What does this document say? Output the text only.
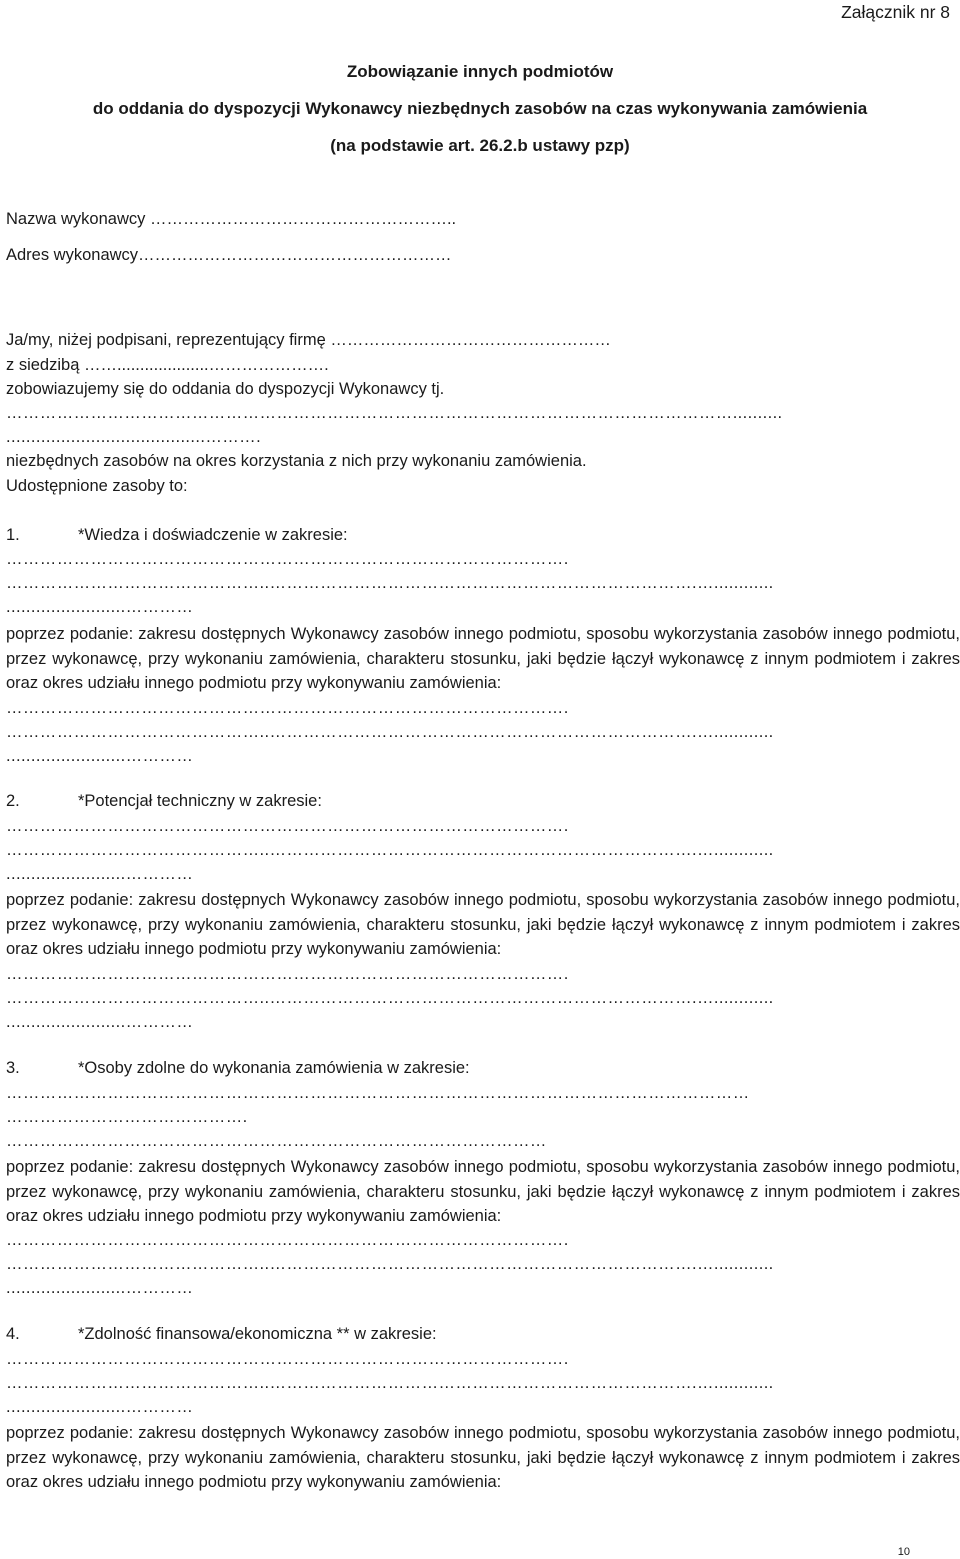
Załącznik nr 8
Zobowiązanie innych podmiotów
do oddania do dyspozycji Wykonawcy niezbędnych zasobów na czas wykonywania zamówienia
(na podstawie art. 26.2.b ustawy pzp)
Nazwa wykonawcy ………………………………………………..
Adres wykonawcy…………………………………………………
Ja/my, niżej podpisani, reprezentujący firmę ……………………………………………
z siedzibą ……....................………………….
zobowiazujemy się do oddania do dyspozycji Wykonawcy tj.
…………………………………………………………………………………………………………………..........
........................................……….
niezbędnych zasobów na okres korzystania z nich przy wykonaniu zamówienia.
Udostępnione zasoby to:
1.	*Wiedza i doświadczenie w zakresie:
……………………………………………………………………………………….
………………………………………..………………………………………………………………….…............
........................…………
poprzez podanie: zakresu dostępnych Wykonawcy zasobów innego podmiotu, sposobu wykorzystania zasobów innego podmiotu, przez wykonawcę, przy wykonaniu zamówienia, charakteru stosunku, jaki będzie łączył wykonawcę z innym podmiotem i zakres oraz okres udziału innego podmiotu przy wykonywaniu zamówienia:
……………………………………………………………………………………….
………………………………………..………………………………………………………………….…............
........................…………
2.	*Potencjał techniczny w zakresie:
……………………………………………………………………………………….
………………………………………..………………………………………………………………….…............
........................…………
poprzez podanie: zakresu dostępnych Wykonawcy zasobów innego podmiotu, sposobu wykorzystania zasobów innego podmiotu, przez wykonawcę, przy wykonaniu zamówienia, charakteru stosunku, jaki będzie łączył wykonawcę z innym podmiotem i zakres oraz okres udziału innego podmiotu przy wykonywaniu zamówienia:
……………………………………………………………………………………….
………………………………………..………………………………………………………………….…............
........................…………
3.	*Osoby zdolne do wykonania zamówienia w zakresie:
……………………………………………………………………………………………………………………
…………………………………….
……………………………………………………………………………………
poprzez podanie: zakresu dostępnych Wykonawcy zasobów innego podmiotu, sposobu wykorzystania zasobów innego podmiotu, przez wykonawcę, przy wykonaniu zamówienia, charakteru stosunku, jaki będzie łączył wykonawcę z innym podmiotem i zakres oraz okres udziału innego podmiotu przy wykonywaniu zamówienia:
……………………………………………………………………………………….
………………………………………..………………………………………………………………….…............
........................…………
4.	*Zdolność finansowa/ekonomiczna ** w zakresie:
……………………………………………………………………………………….
………………………………………..………………………………………………………………….…............
........................…………
poprzez podanie: zakresu dostępnych Wykonawcy zasobów innego podmiotu, sposobu wykorzystania zasobów innego podmiotu, przez wykonawcę, przy wykonaniu zamówienia, charakteru stosunku, jaki będzie łączył wykonawcę z innym podmiotem i zakres oraz okres udziału innego podmiotu przy wykonywaniu zamówienia:
10
